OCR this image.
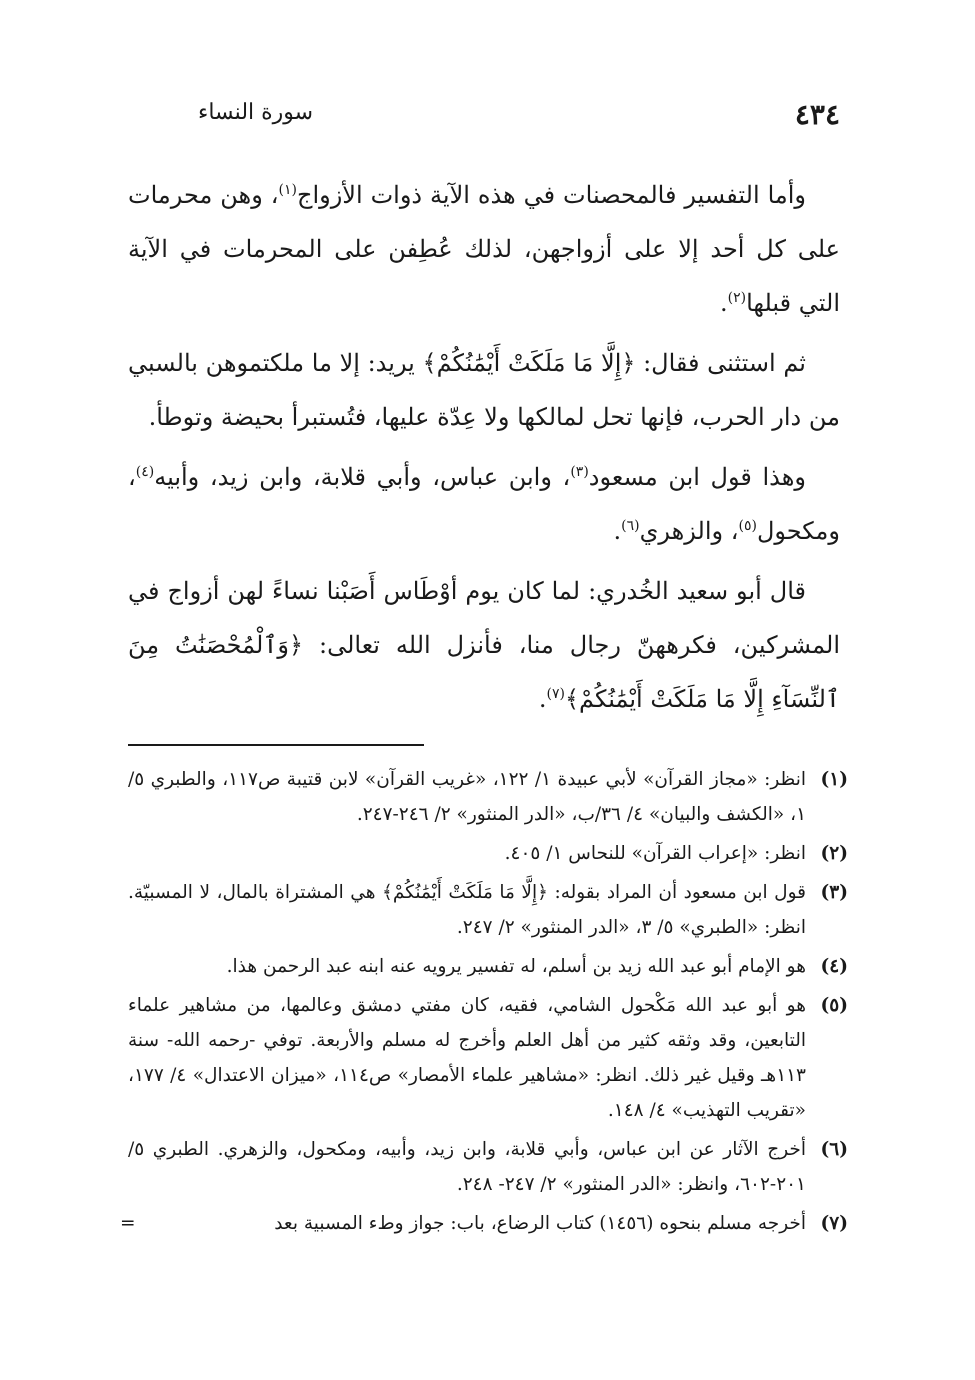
٤٣٤
سورة النساء

وأما التفسير فالمحصنات في هذه الآية ذوات الأزواج$^{(١)}$، وهن محرمات على كل أحد إلا على أزواجهن، لذلك عُطِفن على المحرمات في الآية التي قبلها$^{(٢)}$.

ثم استثنى فقال: ﴿إِلَّا مَا مَلَكَتْ أَيْمَٰنُكُمْ﴾ يريد: إلا ما ملكتموهن بالسبي من دار الحرب، فإنها تحل لمالكها ولا عِدّة عليها، فتُستبرأ بحيضة وتوطأ.

وهذا قول ابن مسعود$^{(٣)}$، وابن عباس، وأبي قلابة، وابن زيد، وأبيه$^{(٤)}$، ومكحول$^{(٥)}$، والزهري$^{(٦)}$.

قال أبو سعيد الخُدري: لما كان يوم أوْطَاس أَصَبْنا نساءً لهن أزواج في المشركين، فكرههنّ رجال منا، فأنزل الله تعالى: ﴿وَٱلْمُحْصَنَٰتُ مِنَ ٱلنِّسَآءِ إِلَّا مَا مَلَكَتْ أَيْمَٰنُكُمْ﴾$^{(٧)}$.

(١)
انظر: «مجاز القرآن» لأبي عبيدة ١/ ١٢٢، «غريب القرآن» لابن قتيبة ص١١٧، والطبري ٥/ ١، «الكشف والبيان» ٤/ ٣٦/ب، «الدر المنثور» ٢/ ٢٤٦-٢٤٧.
(٢)
انظر: «إعراب القرآن» للنحاس ١/ ٤٠٥.
(٣)
قول ابن مسعود أن المراد بقوله: ﴿إِلَّا مَا مَلَكَتْ أَيْمَٰنُكُمْ﴾ هي المشتراة بالمال، لا المسبيّة. انظر: «الطبري» ٥/ ٣، «الدر المنثور» ٢/ ٢٤٧.
(٤)
هو الإمام أبو عبد الله زيد بن أسلم، له تفسير يرويه عنه ابنه عبد الرحمن هذا.
(٥)
هو أبو عبد الله مَكْحول الشامي، فقيه، كان مفتي دمشق وعالمها، من مشاهير علماء التابعين، وقد وثقه كثير من أهل العلم وأخرج له مسلم والأربعة. توفي -رحمه الله- سنة ١١٣هـ وقيل غير ذلك. انظر: «مشاهير علماء الأمصار» ص١١٤، «ميزان الاعتدال» ٤/ ١٧٧، «تقريب التهذيب» ٤/ ١٤٨.
(٦)
أخرج الآثار عن ابن عباس، وأبي قلابة، وابن زيد، وأبيه، ومكحول، والزهري. الطبري ٥/ ٢٠١-٦٠٢، وانظر: «الدر المنثور» ٢/ ٢٤٧- ٢٤٨.
(٧)
أخرجه مسلم بنحوه (١٤٥٦) كتاب الرضاع، باب: جواز وطء المسبية بعد
=
